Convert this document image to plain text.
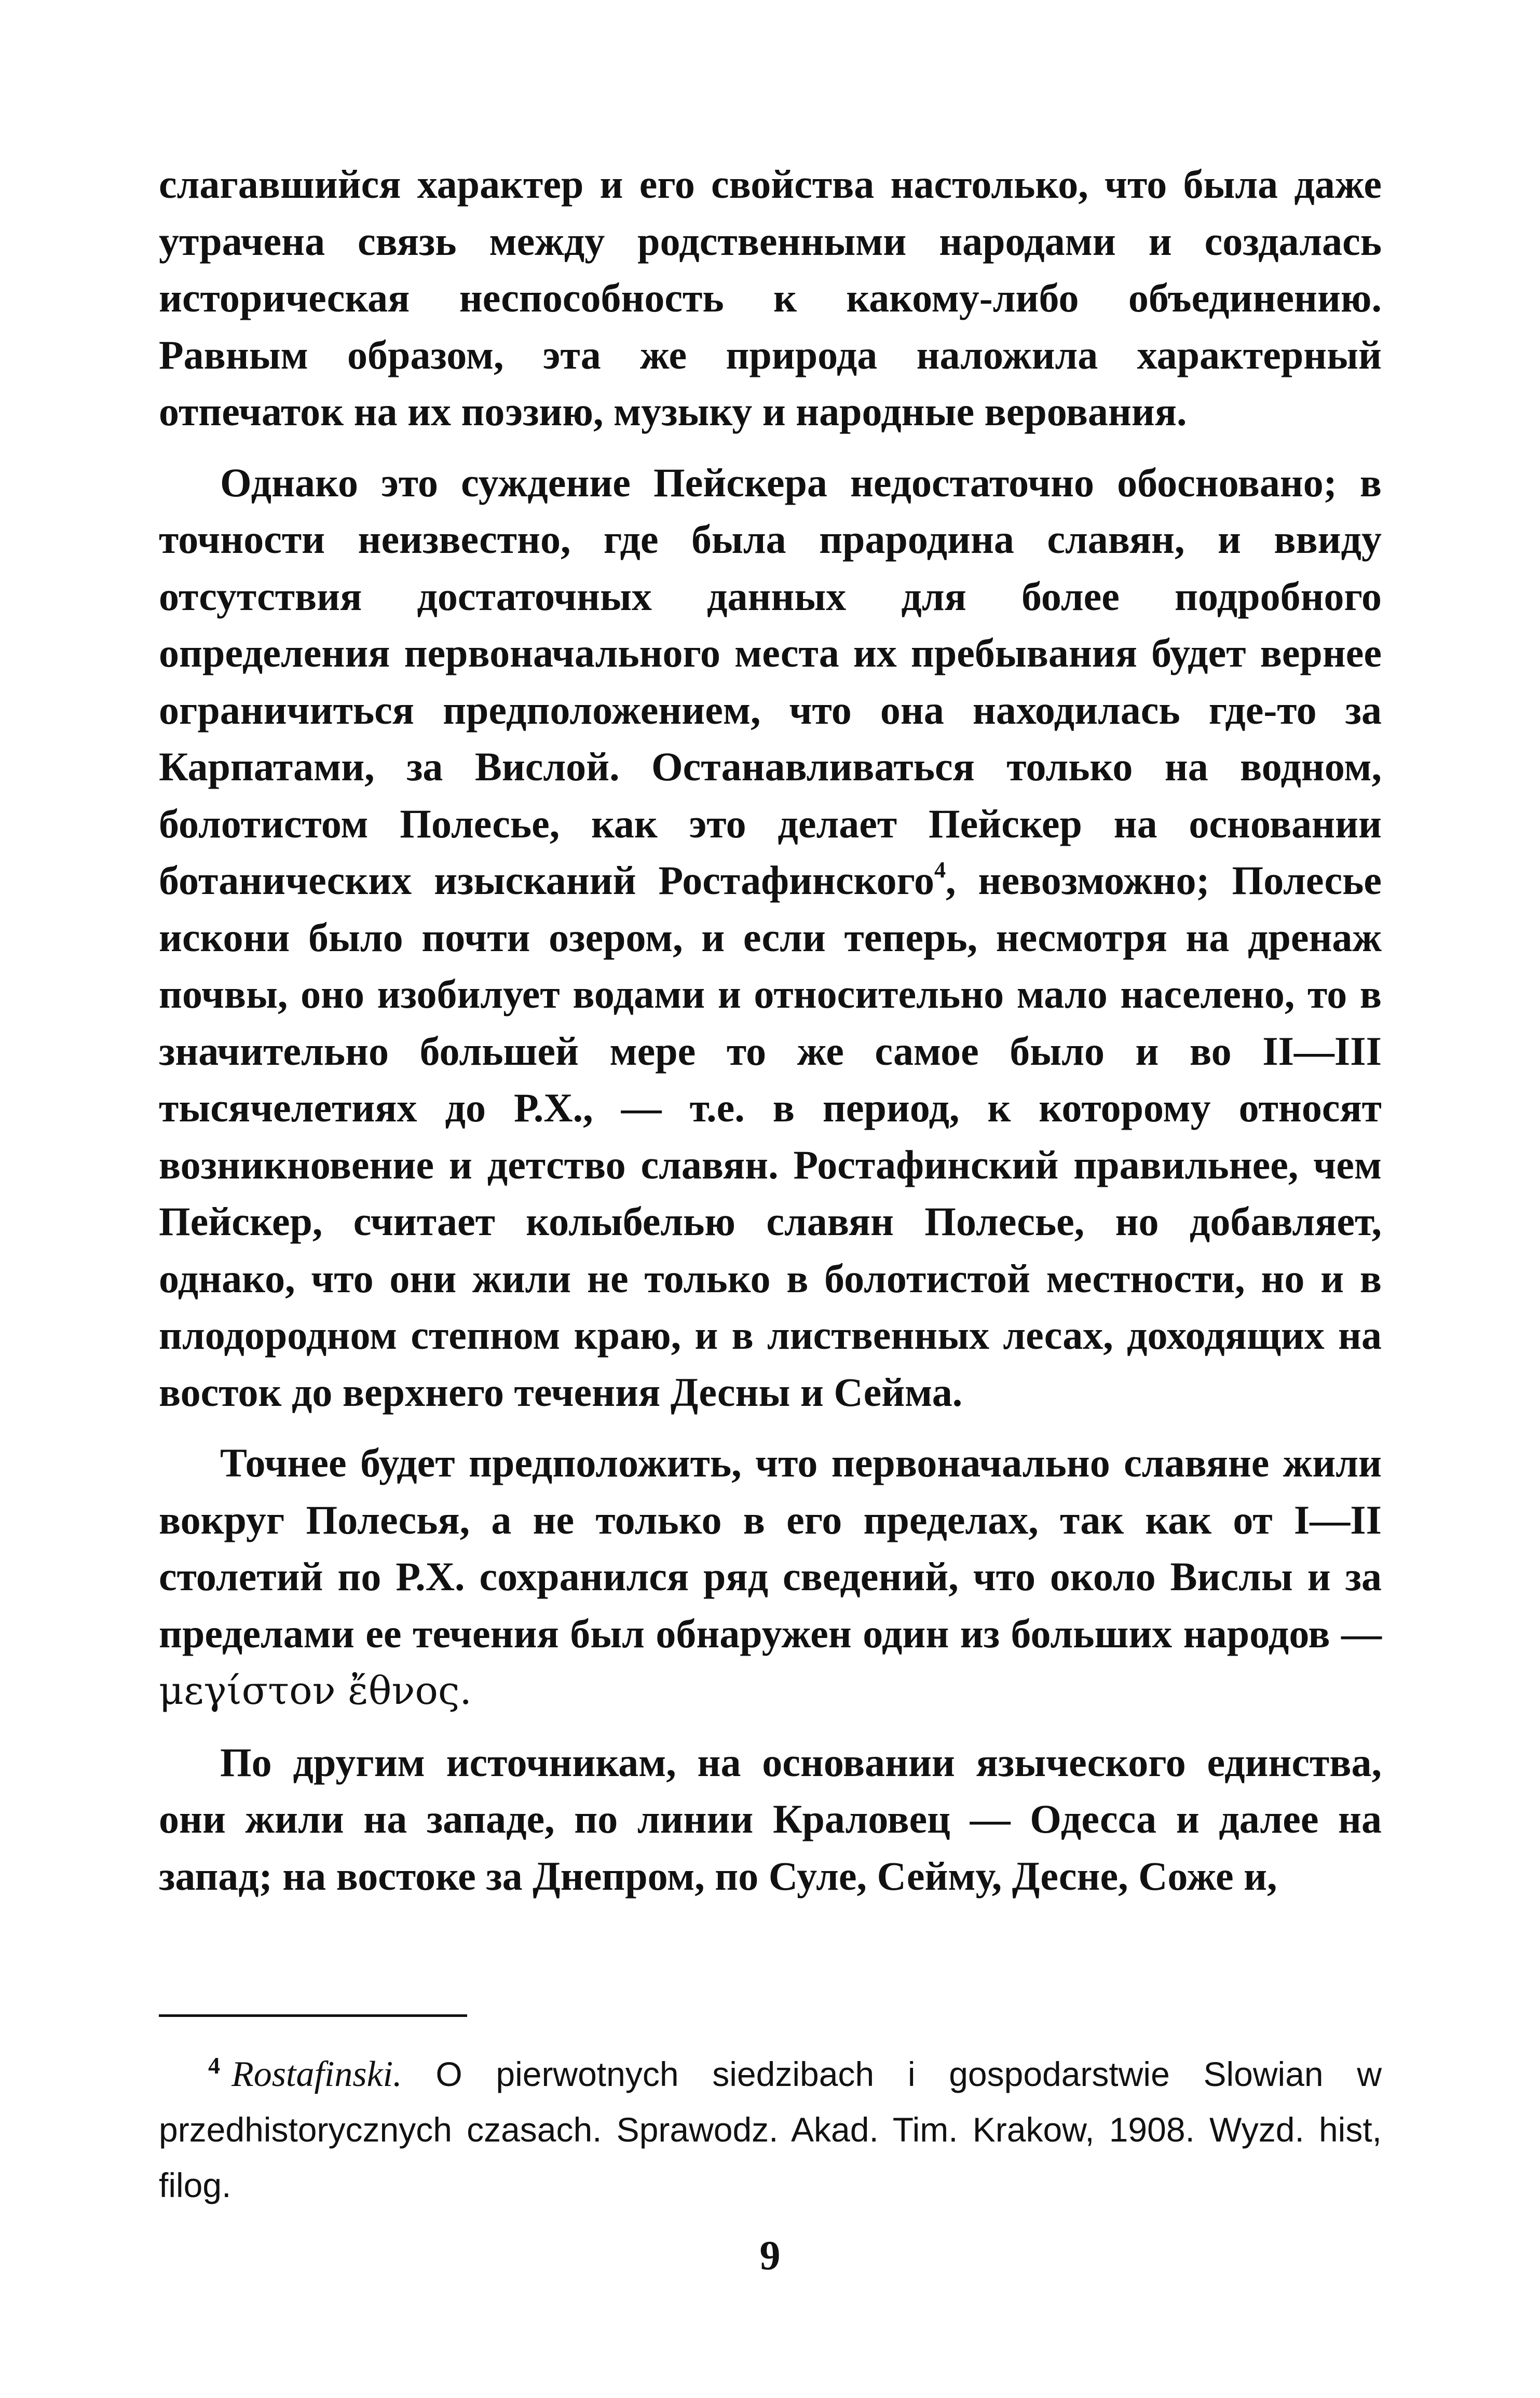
слагавшийся характер и его свойства настолько, что была даже утрачена связь между родственными народами и создалась историческая неспособность к какому-либо объединению. Равным образом, эта же природа наложила характерный отпечаток на их поэзию, музыку и народные верования.

Однако это суждение Пейскера недостаточно обосновано; в точности неизвестно, где была прародина славян, и ввиду отсутствия достаточных данных для более подробного определения первоначального места их пребывания будет вернее ограничиться предположением, что она находилась где-то за Карпатами, за Вислой. Останавливаться только на водном, болотистом Полесье, как это делает Пейскер на основании ботанических изысканий Ростафинского$^4$, невозможно; Полесье искони было почти озером, и если теперь, несмотря на дренаж почвы, оно изобилует водами и относительно мало населено, то в значительно большей мере то же самое было и во II—III тысячелетиях до Р.Х., — т.е. в период, к которому относят возникновение и детство славян. Ростафинский правильнее, чем Пейскер, считает колыбелью славян Полесье, но добавляет, однако, что они жили не только в болотистой местности, но и в плодородном степном краю, и в лиственных лесах, доходящих на восток до верхнего течения Десны и Сейма.

Точнее будет предположить, что первоначально славяне жили вокруг Полесья, а не только в его пределах, так как от I—II столетий по Р.Х. сохранился ряд сведений, что около Вислы и за пределами ее течения был обнаружен один из больших народов — μεγίστον ἔθνος.

По другим источникам, на основании языческого единства, они жили на западе, по линии Краловец — Одесса и далее на запад; на востоке за Днепром, по Суле, Сейму, Десне, Соже и,

4 Rostafinski. O pierwotnych siedzibach i gospodarstwie Slowian w przedhistorycznych czasach. Sprawodz. Akad. Tim. Krakow, 1908. Wyzd. hist, filog.
9
